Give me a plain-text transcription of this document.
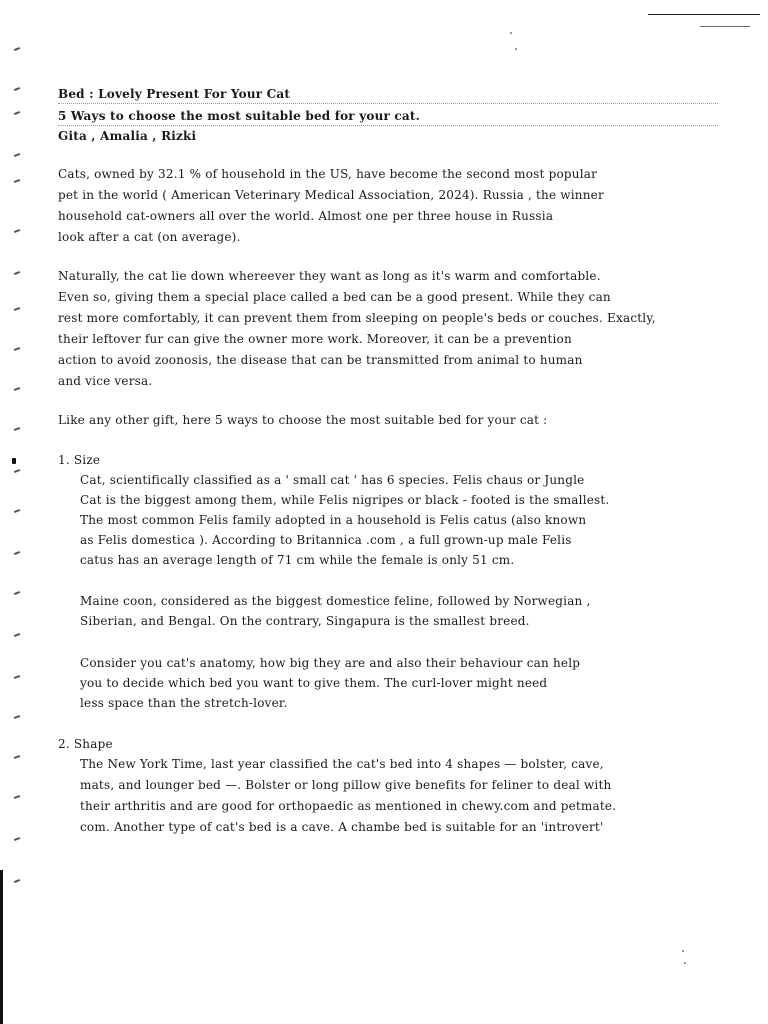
Bed : Lovely Present For Your Cat
5 Ways to choose the most suitable bed for your cat.
Gita , Amalia , Rizki
Cats, owned by 32.1 % of household in the US, have become the second most popular
pet in the world ( American Veterinary Medical Association, 2024). Russia , the winner
household cat-owners all over the world. Almost one per three house in Russia
look after a cat (on average).
Naturally, the cat lie down whereever they want as long as it's warm and comfortable.
Even so, giving them a special place called a bed can be a good present. While they can
rest more comfortably, it can prevent them from sleeping on people's beds or couches. Exactly,
their leftover fur can give the owner more work. Moreover, it can be a prevention
action to avoid zoonosis, the disease that can be transmitted from animal to human
and vice versa.
Like any other gift, here 5 ways to choose the most suitable bed for your cat :
1. Size
Cat, scientifically classified as a ' small cat ' has 6 species. Felis chaus or Jungle
Cat is the biggest among them, while Felis nigripes or black - footed is the smallest.
The most common Felis family adopted in a household is Felis catus (also known
as Felis domestica ). According to Britannica .com , a full grown-up male Felis
catus has an average length of 71 cm while the female is only 51 cm.
Maine coon, considered as the biggest domestice feline, followed by Norwegian ,
Siberian, and Bengal. On the contrary, Singapura is the smallest breed.
Consider you cat's anatomy, how big they are and also their behaviour can help
you to decide which bed you want to give them. The curl-lover might need
less space than the stretch-lover.
2. Shape
The New York Time, last year classified the cat's bed into 4 shapes — bolster, cave,
mats, and lounger bed —. Bolster or long pillow give benefits for feliner to deal with
their arthritis and are good for orthopaedic as mentioned in chewy.com and petmate.
com. Another type of cat's bed is a cave. A chambe bed is suitable for an 'introvert'
